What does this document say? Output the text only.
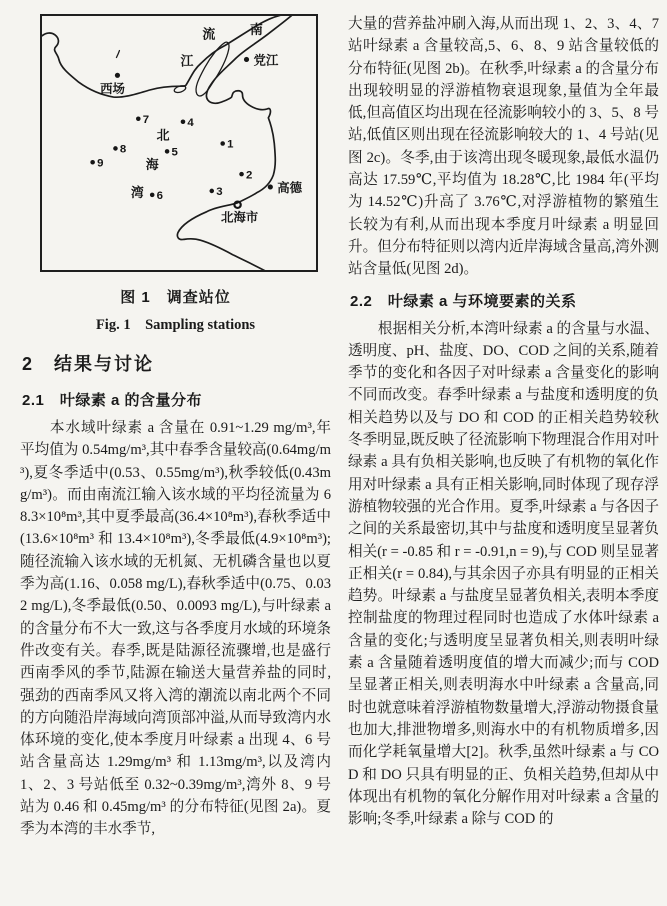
南
流
江
北
海
湾
1
2
3
4
5
6
7
8
9
西场
党江
高德
北海市
图 1　调查站位
Fig. 1　Sampling stations
2　结果与讨论
2.1　叶绿素 a 的含量分布

本水域叶绿素 a 含量在 0.91~1.29 mg/m³,年平均值为 0.54mg/m³,其中春季含量较高(0.64mg/m³),夏冬季适中(0.53、0.55mg/m³),秋季较低(0.43mg/m³)。而由南流江输入该水域的平均径流量为 68.3×10⁸m³,其中夏季最高(36.4×10⁸m³),春秋季适中(13.6×10⁸m³ 和 13.4×10⁸m³),冬季最低(4.9×10⁸m³);随径流输入该水域的无机氮、无机磷含量也以夏季为高(1.16、0.058 mg/L),春秋季适中(0.75、0.032 mg/L),冬季最低(0.50、0.0093 mg/L),与叶绿素 a 的含量分布不大一致,这与各季度月水域的环境条件改变有关。春季,既是陆源径流骤增,也是盛行西南季风的季节,陆源在输送大量营养盐的同时,强劲的西南季风又将入湾的潮流以南北两个不同的方向随沿岸海域向湾顶部冲溢,从而导致湾内水体环境的变化,使本季度月叶绿素 a 出现 4、6 号站含量高达 1.29mg/m³ 和 1.13mg/m³,以及湾内 1、2、3 号站低至 0.32~0.39mg/m³,湾外 8、9 号站为 0.46 和 0.45mg/m³ 的分布特征(见图 2a)。夏季为本湾的丰水季节,

大量的营养盐冲刷入海,从而出现 1、2、3、4、7 站叶绿素 a 含量较高,5、6、8、9 站含量较低的分布特征(见图 2b)。在秋季,叶绿素 a 的含量分布出现较明显的浮游植物衰退现象,量值为全年最低,但高值区均出现在径流影响较小的 3、5、8 号站,低值区则出现在径流影响较大的 1、4 号站(见图 2c)。冬季,由于该湾出现冬暖现象,最低水温仍高达 17.59℃,平均值为 18.28℃,比 1984 年(平均为 14.52℃)升高了 3.76℃,对浮游植物的繁殖生长较为有利,从而出现本季度月叶绿素 a 明显回升。但分布特征则以湾内近岸海域含量高,湾外测站含量低(见图 2d)。

2.2　叶绿素 a 与环境要素的关系

根据相关分析,本湾叶绿素 a 的含量与水温、透明度、pH、盐度、DO、COD 之间的关系,随着季节的变化和各因子对叶绿素 a 含量变化的影响不同而改变。春季叶绿素 a 与盐度和透明度的负相关趋势以及与 DO 和 COD 的正相关趋势较秋冬季明显,既反映了径流影响下物理混合作用对叶绿素 a 具有负相关影响,也反映了有机物的氧化作用对叶绿素 a 具有正相关影响,同时体现了现存浮游植物较强的光合作用。夏季,叶绿素 a 与各因子之间的关系最密切,其中与盐度和透明度呈显著负相关(r = -0.85 和 r = -0.91,n = 9),与 COD 则呈显著正相关(r = 0.84),与其余因子亦具有明显的正相关趋势。叶绿素 a 与盐度呈显著负相关,表明本季度控制盐度的物理过程同时也造成了水体叶绿素 a 含量的变化;与透明度呈显著负相关,则表明叶绿素 a 含量随着透明度值的增大而减少;而与 COD 呈显著正相关,则表明海水中叶绿素 a 含量高,同时也就意味着浮游植物数量增大,浮游动物摄食量也加大,排泄物增多,则海水中的有机物质增多,因而化学耗氧量增大[2]。秋季,虽然叶绿素 a 与 COD 和 DO 只具有明显的正、负相关趋势,但却从中体现出有机物的氧化分解作用对叶绿素 a 含量的影响;冬季,叶绿素 a 除与 COD 的
